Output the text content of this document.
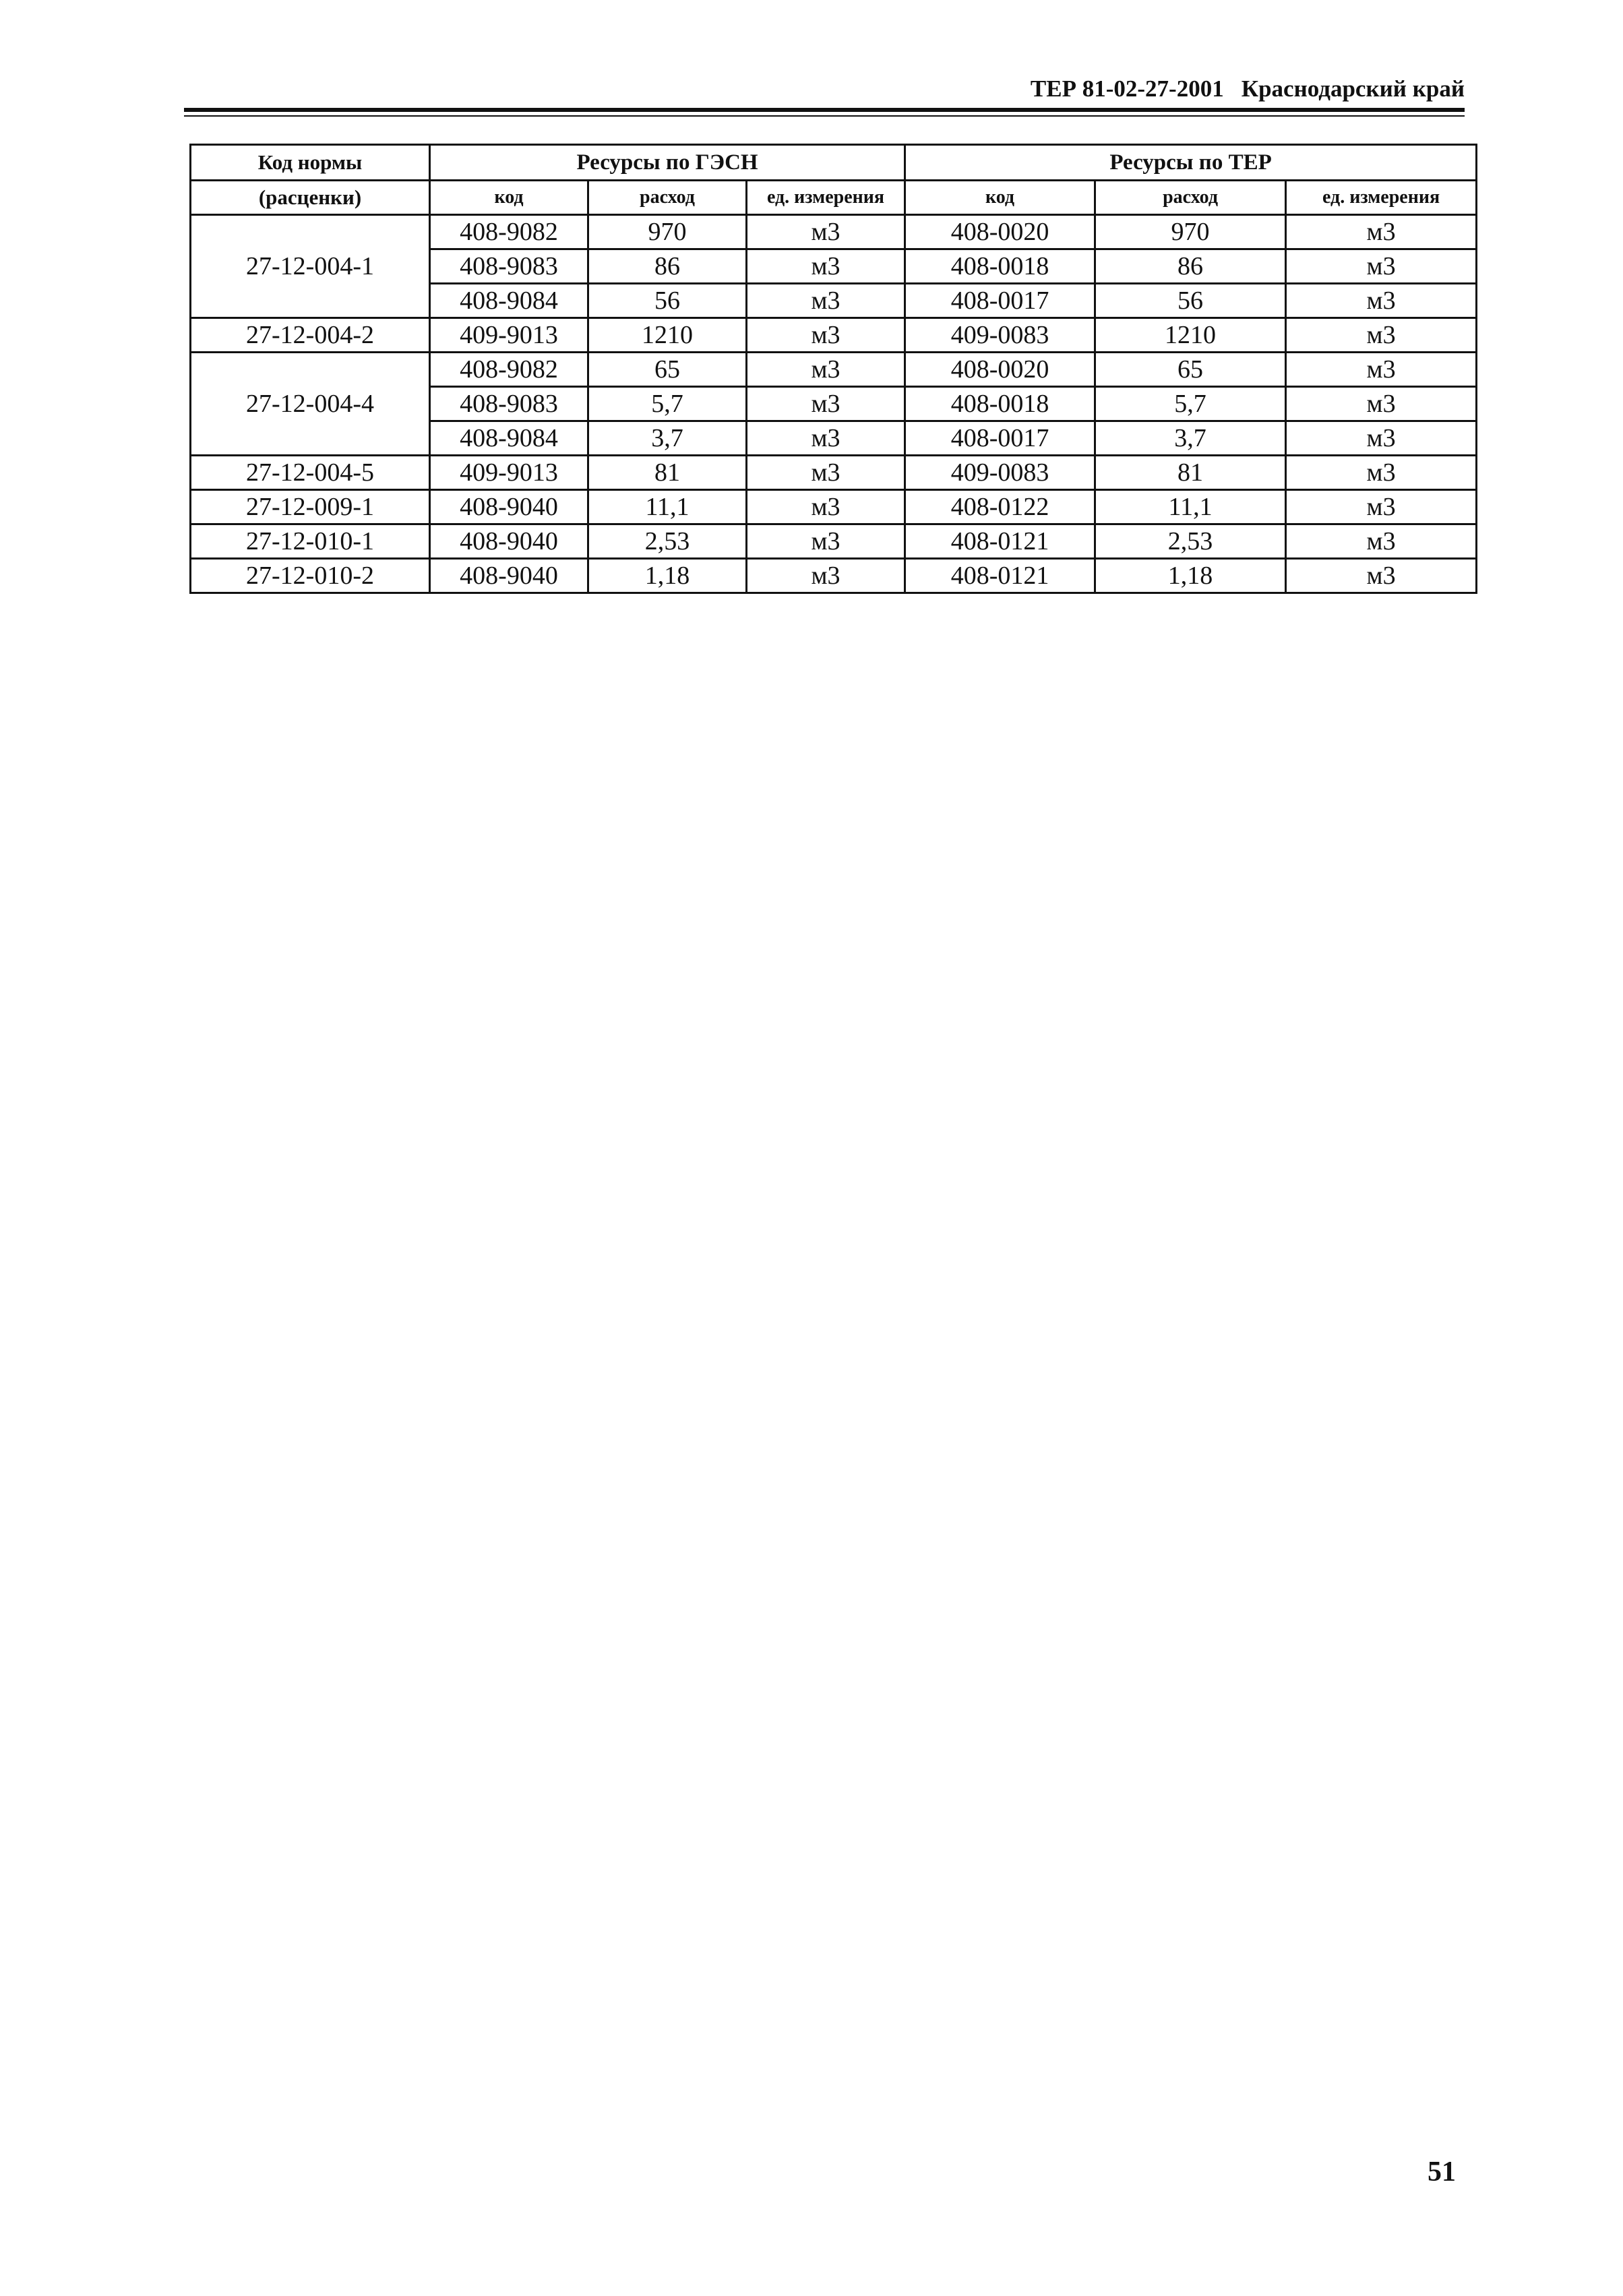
ТЕР 81-02-27-2001 Краснодарский край
Код нормы	Ресурсы по ГЭСН			Ресурсы по ТЕР		
(расценки)	код	расход	ед. измерения	код	расход	ед. измерения
27-12-004-1	408-9082	970	м3	408-0020	970	м3
	408-9083	86	м3	408-0018	86	м3
	408-9084	56	м3	408-0017	56	м3
27-12-004-2	409-9013	1210	м3	409-0083	1210	м3
27-12-004-4	408-9082	65	м3	408-0020	65	м3
	408-9083	5,7	м3	408-0018	5,7	м3
	408-9084	3,7	м3	408-0017	3,7	м3
27-12-004-5	409-9013	81	м3	409-0083	81	м3
27-12-009-1	408-9040	11,1	м3	408-0122	11,1	м3
27-12-010-1	408-9040	2,53	м3	408-0121	2,53	м3
27-12-010-2	408-9040	1,18	м3	408-0121	1,18	м3
51
